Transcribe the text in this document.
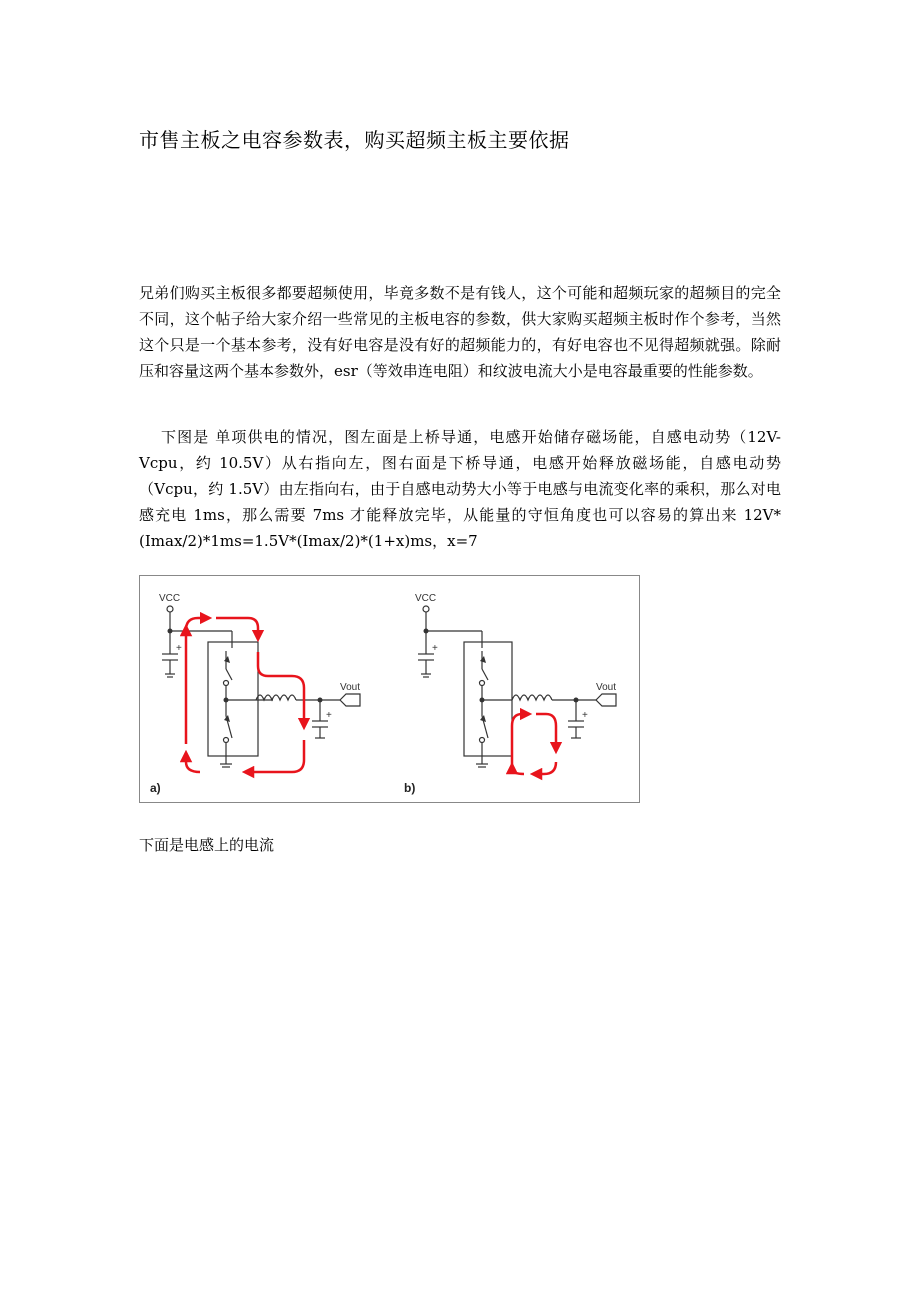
市售主板之电容参数表，购买超频主板主要依据

兄弟们购买主板很多都要超频使用，毕竟多数不是有钱人，这个可能和超频玩家的超频目的完全不同，这个帖子给大家介绍一些常见的主板电容的参数，供大家购买超频主板时作个参考，当然这个只是一个基本参考，没有好电容是没有好的超频能力的，有好电容也不见得超频就强。除耐压和容量这两个基本参数外，esr（等效串连电阻）和纹波电流大小是电容最重要的性能参数。

下图是 单项供电的情况，图左面是上桥导通，电感开始储存磁场能，自感电动势（12V-Vcpu，约 10.5V）从右指向左，图右面是下桥导通，电感开始释放磁场能，自感电动势（Vcpu，约 1.5V）由左指向右，由于自感电动势大小等于电感与电流变化率的乘积，那么对电感充电 1ms，那么需要 7ms 才能释放完毕，从能量的守恒角度也可以容易的算出来 12V*(Imax/2)*1ms=1.5V*(Imax/2)*(1+x)ms，x=7

VCC
+
+
Vout
a)
VCC
+
+
Vout
b)

下面是电感上的电流
